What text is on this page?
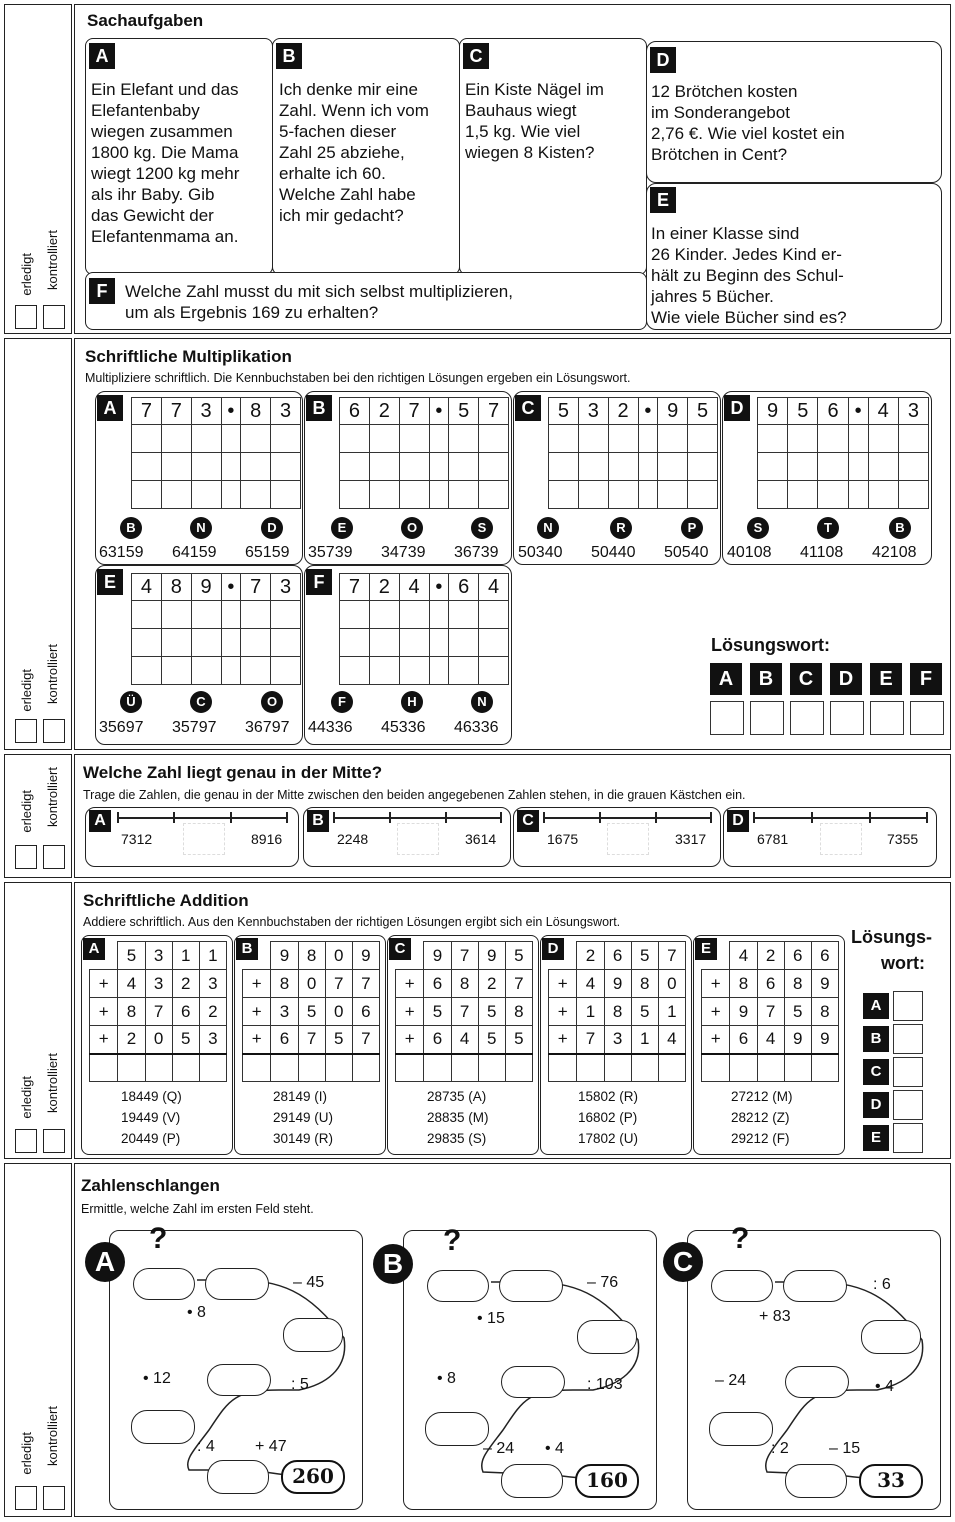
erledigt kontrolliert
erledigt kontrolliert
erledigt kontrolliert
erledigt kontrolliert
erledigt kontrolliert
Sachaufgaben
A	B	C	D
E
F
Ein Elefant und das
Elefantenbaby
wiegen zusammen
1800 kg. Die Mama
wiegt 1200 kg mehr
als ihr Baby. Gib
das Gewicht der
Elefantenmama an.
Ich denke mir eine
Zahl. Wenn ich vom
5-fachen dieser
Zahl 25 abziehe,
erhalte ich 60.
Welche Zahl habe
ich mir gedacht?
Ein Kiste Nägel im
Bauhaus wiegt
1,5 kg. Wie viel
wiegen 8 Kisten?
12 Brötchen kosten
im Sonderangebot
2,76 €. Wie viel kostet ein
Brötchen in Cent?
In einer Klasse sind
26 Kinder. Jedes Kind er-
hält zu Beginn des Schul-
jahres 5 Bücher.
Wie viele Bücher sind es?
Welche Zahl musst du mit sich selbst multiplizieren,
um als Ergebnis 169 zu erhalten?
Schriftliche Multiplikation
Multipliziere schriftlich. Die Kennbuchstaben bei den richtigen Lösungen ergeben ein Lösungswort.
A	7	7	3	•	8	3

B	N	D
63159 64159 65159
B	6	2	7	•	5	7

E	O	S
35739 34739 36739
C	5	3	2	•	9	5

N	R	P
50340 50440 50540
D	9	5	6	•	4	3

S	T	B
40108 41108 42108
E	4	8	9	•	7	3

Ü	C	O
35697 35797 36797
F	7	2	4	•	6	4

F	H	N
44336 45336 46336
Lösungswort:
A	B	C	D	E	F
Welche Zahl liegt genau in der Mitte?
Trage die Zahlen, die genau in der Mitte zwischen den beiden angegebenen Zahlen stehen, in die grauen Kästchen ein.
A
7312	8916
B
2248	3614
C
1675	3317
D
6781	7355
Schriftliche Addition
Addiere schriftlich. Aus den Kennbuchstaben der richtigen Lösungen ergibt sich ein Lösungswort.
A
		5	3	1	1
+	4	3	2	3
+	8	7	6	2
+	2	0	5	3

18449 (Q)
19449 (V)
20449 (P)
B
		9	8	0	9
+	8	0	7	7
+	3	5	0	6
+	6	7	5	7

28149 (I)
29149 (U)
30149 (R)
C
		9	7	9	5
+	6	8	2	7
+	5	7	5	8
+	6	4	5	5

28735 (A)
28835 (M)
29835 (S)
D
		2	6	5	7
+	4	9	8	0
+	1	8	5	1
+	7	3	1	4

15802 (R)
16802 (P)
17802 (U)
E
		4	2	6	6
+	8	6	8	9
+	9	7	5	8
+	6	4	9	9

27212 (M)
28212 (Z)
29212 (F)
Lösungs-
wort:
A
B
C
D
E
Zahlenschlangen
Ermittle, welche Zahl im ersten Feld steht.
A
?
260
• 8
– 45
: 5
• 12
: 4	+ 47
B
?
160
• 15
– 76
: 103
• 8
– 24 • 4
C
?
33
+ 83
: 6
• 4
– 24
: 2	– 15
